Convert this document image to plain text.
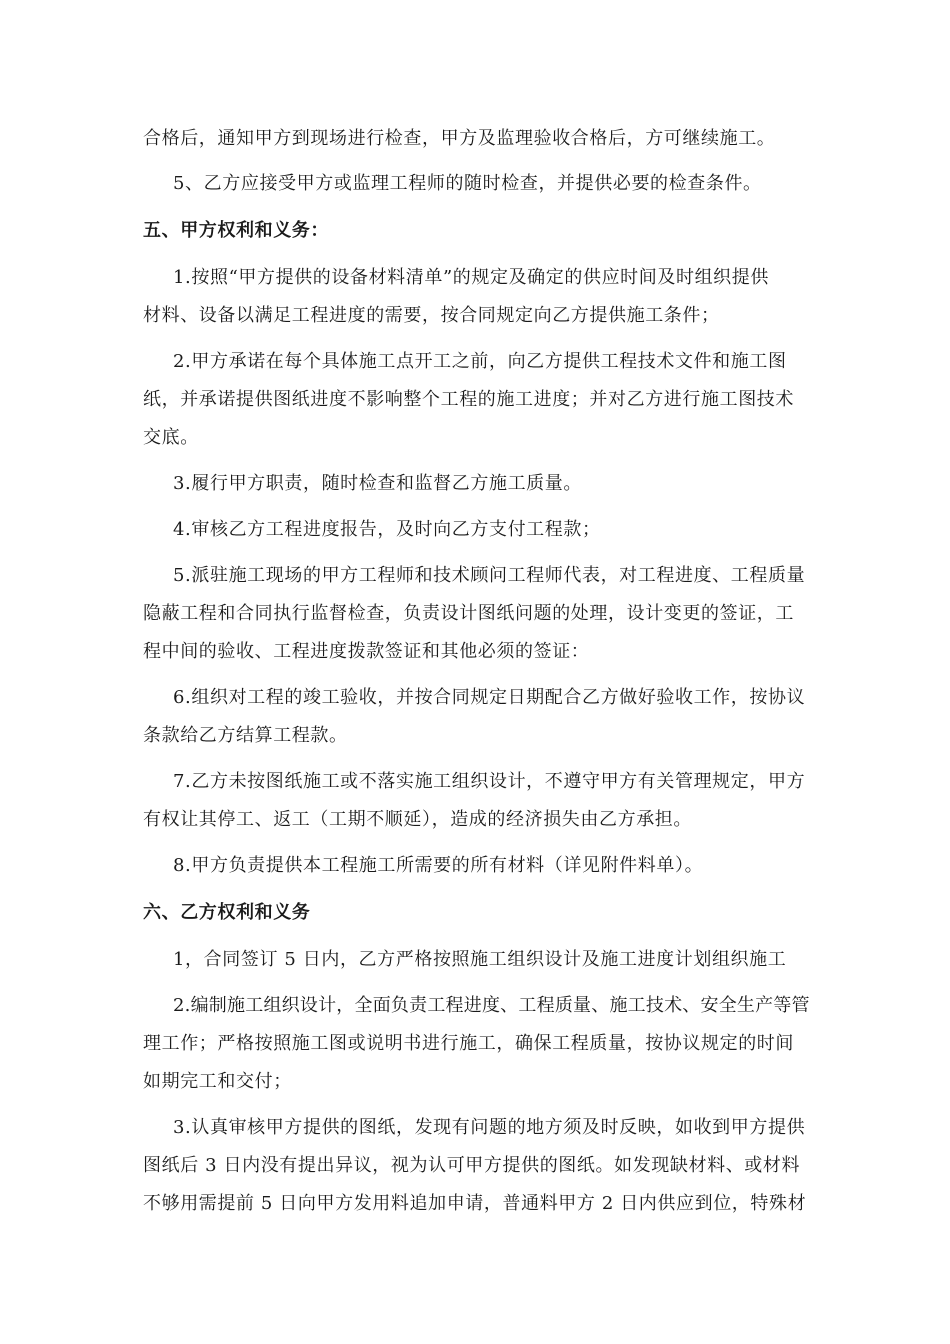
合格后，通知甲方到现场进行检查，甲方及监理验收合格后，方可继续施工。
5、乙方应接受甲方或监理工程师的随时检查，并提供必要的检查条件。
五、甲方权利和义务：
1.按照“甲方提供的设备材料清单”的规定及确定的供应时间及时组织提供
材料、设备以满足工程进度的需要，按合同规定向乙方提供施工条件；
2.甲方承诺在每个具体施工点开工之前，向乙方提供工程技术文件和施工图
纸，并承诺提供图纸进度不影响整个工程的施工进度；并对乙方进行施工图技术
交底。
3.履行甲方职责，随时检查和监督乙方施工质量。
4.审核乙方工程进度报告，及时向乙方支付工程款；
5.派驻施工现场的甲方工程师和技术顾问工程师代表，对工程进度、工程质量
隐蔽工程和合同执行监督检查，负责设计图纸问题的处理，设计变更的签证，工
程中间的验收、工程进度拨款签证和其他必须的签证：
6.组织对工程的竣工验收，并按合同规定日期配合乙方做好验收工作，按协议
条款给乙方结算工程款。
7.乙方未按图纸施工或不落实施工组织设计，不遵守甲方有关管理规定，甲方
有权让其停工、返工（工期不顺延），造成的经济损失由乙方承担。
8.甲方负责提供本工程施工所需要的所有材料（详见附件料单）。
六、乙方权利和义务
1，合同签订 5 日内，乙方严格按照施工组织设计及施工进度计划组织施工
2.编制施工组织设计，全面负责工程进度、工程质量、施工技术、安全生产等管
理工作；严格按照施工图或说明书进行施工，确保工程质量，按协议规定的时间
如期完工和交付；
3.认真审核甲方提供的图纸，发现有问题的地方须及时反映，如收到甲方提供
图纸后 3 日内没有提出异议，视为认可甲方提供的图纸。如发现缺材料、或材料
不够用需提前 5 日向甲方发用料追加申请，普通料甲方 2 日内供应到位，特殊材
